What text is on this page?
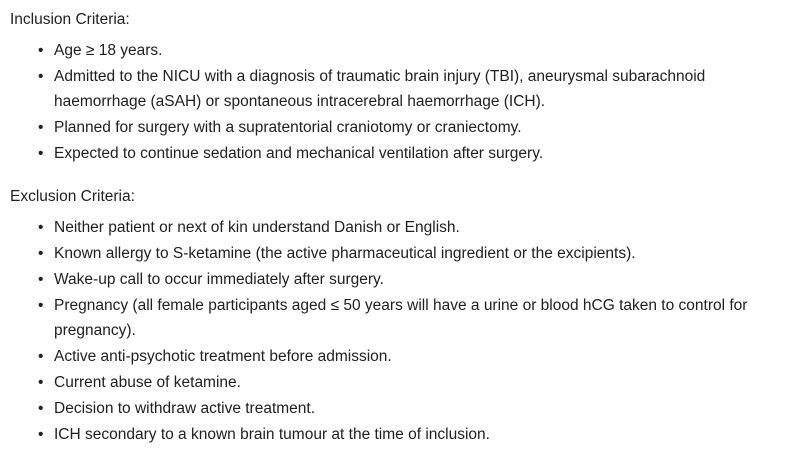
Inclusion Criteria:

• Age ≥ 18 years.
• Admitted to the NICU with a diagnosis of traumatic brain injury (TBI), aneurysmal subarachnoid haemorrhage (aSAH) or spontaneous intracerebral haemorrhage (ICH).
• Planned for surgery with a supratentorial craniotomy or craniectomy.
• Expected to continue sedation and mechanical ventilation after surgery.

Exclusion Criteria:

• Neither patient or next of kin understand Danish or English.
• Known allergy to S-ketamine (the active pharmaceutical ingredient or the excipients).
• Wake-up call to occur immediately after surgery.
• Pregnancy (all female participants aged ≤ 50 years will have a urine or blood hCG taken to control for pregnancy).
• Active anti-psychotic treatment before admission.
• Current abuse of ketamine.
• Decision to withdraw active treatment.
• ICH secondary to a known brain tumour at the time of inclusion.
